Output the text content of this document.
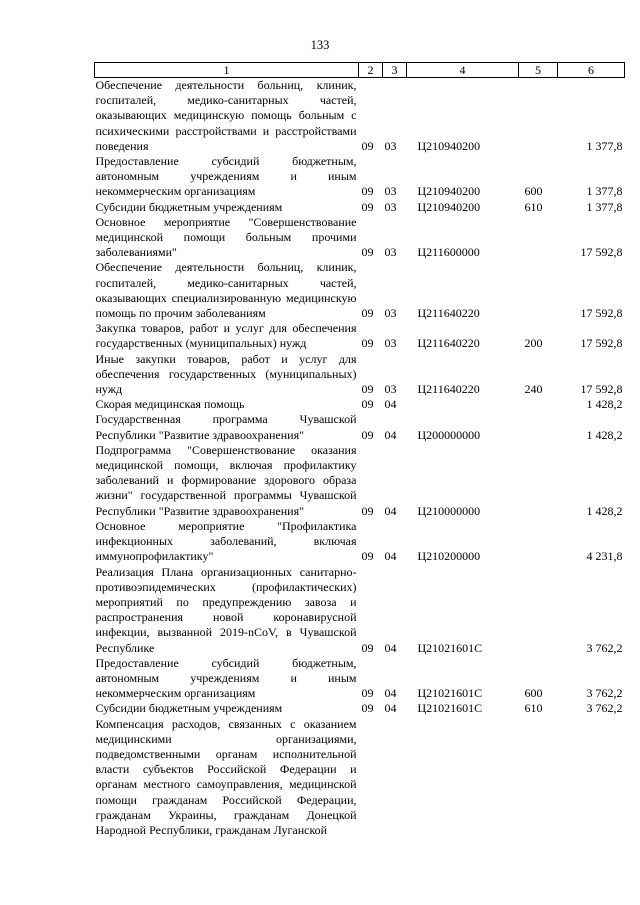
133
1	2	3	4	5	6
Обеспечение деятельности больниц, клиник, госпиталей, медико-санитарных частей, оказывающих медицинскую помощь больным с психическими расстройствами и расстройствами поведения	09	03	Ц210940200		1 377,8
Предоставление субсидий бюджетным, автономным учреждениям и иным некоммерческим организациям	09	03	Ц210940200	600	1 377,8
Субсидии бюджетным учреждениям	09	03	Ц210940200	610	1 377,8
Основное мероприятие "Совершенствование медицинской помощи больным прочими заболеваниями"	09	03	Ц211600000		17 592,8
Обеспечение деятельности больниц, клиник, госпиталей, медико-санитарных частей, оказывающих специализированную медицинскую помощь по прочим заболеваниям	09	03	Ц211640220		17 592,8
Закупка товаров, работ и услуг для обеспечения государственных (муниципальных) нужд	09	03	Ц211640220	200	17 592,8
Иные закупки товаров, работ и услуг для обеспечения государственных (муниципальных) нужд	09	03	Ц211640220	240	17 592,8
Скорая медицинская помощь	09	04			1 428,2
Государственная программа Чувашской Республики "Развитие здравоохранения"	09	04	Ц200000000		1 428,2
Подпрограмма "Совершенствование оказания медицинской помощи, включая профилактику заболеваний и формирование здорового образа жизни" государственной программы Чувашской Республики "Развитие здравоохранения"	09	04	Ц210000000		1 428,2
Основное мероприятие "Профилактика инфекционных заболеваний, включая иммунопрофилактику"	09	04	Ц210200000		4 231,8
Реализация Плана организационных санитарно-противоэпидемических (профилактических) мероприятий по предупреждению завоза и распространения новой коронавирусной инфекции, вызванной 2019-nCoV, в Чувашской Республике	09	04	Ц21021601С		3 762,2
Предоставление субсидий бюджетным, автономным учреждениям и иным некоммерческим организациям	09	04	Ц21021601С	600	3 762,2
Субсидии бюджетным учреждениям	09	04	Ц21021601С	610	3 762,2
Компенсация расходов, связанных с оказанием медицинскими организациями, подведомственными органам исполнительной власти субъектов Российской Федерации и органам местного самоуправления, медицинской помощи гражданам Российской Федерации, гражданам Украины, гражданам Донецкой Народной Республики, гражданам Луганской					
